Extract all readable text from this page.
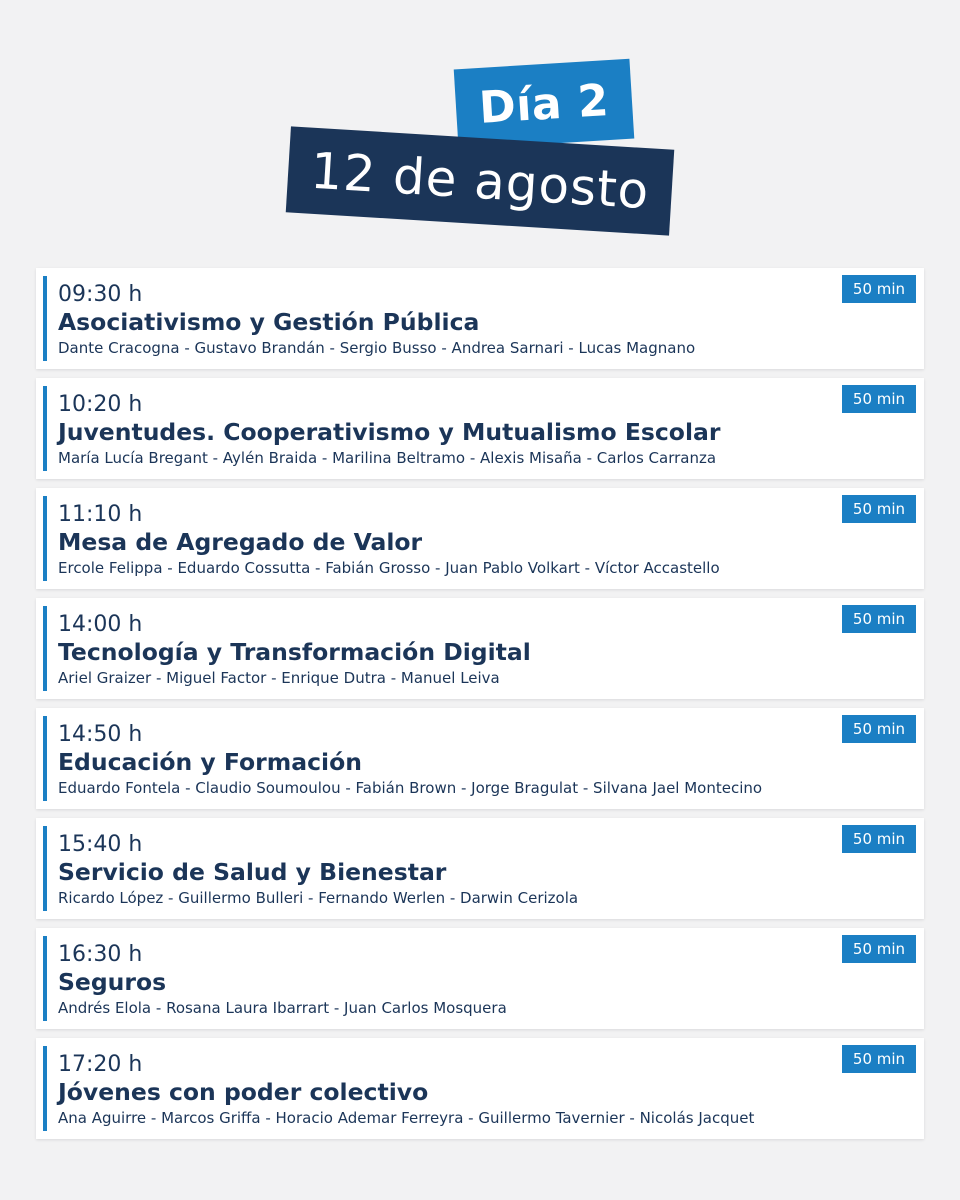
Día 2
12 de agosto
09:30 h
Asociativismo y Gestión Pública
Dante Cracogna - Gustavo Brandán - Sergio Busso - Andrea Sarnari - Lucas Magnano
50 min
10:20 h
Juventudes. Cooperativismo y Mutualismo Escolar
María Lucía Bregant - Aylén Braida - Marilina Beltramo - Alexis Misaña - Carlos Carranza
50 min
11:10 h
Mesa de Agregado de Valor
Ercole Felippa - Eduardo Cossutta - Fabián Grosso - Juan Pablo Volkart - Víctor Accastello
50 min
14:00 h
Tecnología y Transformación Digital
Ariel Graizer - Miguel Factor - Enrique Dutra - Manuel Leiva
50 min
14:50 h
Educación y Formación
Eduardo Fontela - Claudio Soumoulou - Fabián Brown - Jorge Bragulat - Silvana Jael Montecino
50 min
15:40 h
Servicio de Salud y Bienestar
Ricardo López - Guillermo Bulleri - Fernando Werlen - Darwin Cerizola
50 min
16:30 h
Seguros
Andrés Elola - Rosana Laura Ibarrart - Juan Carlos Mosquera
50 min
17:20 h
Jóvenes con poder colectivo
Ana Aguirre - Marcos Griffa - Horacio Ademar Ferreyra - Guillermo Tavernier - Nicolás Jacquet
50 min
